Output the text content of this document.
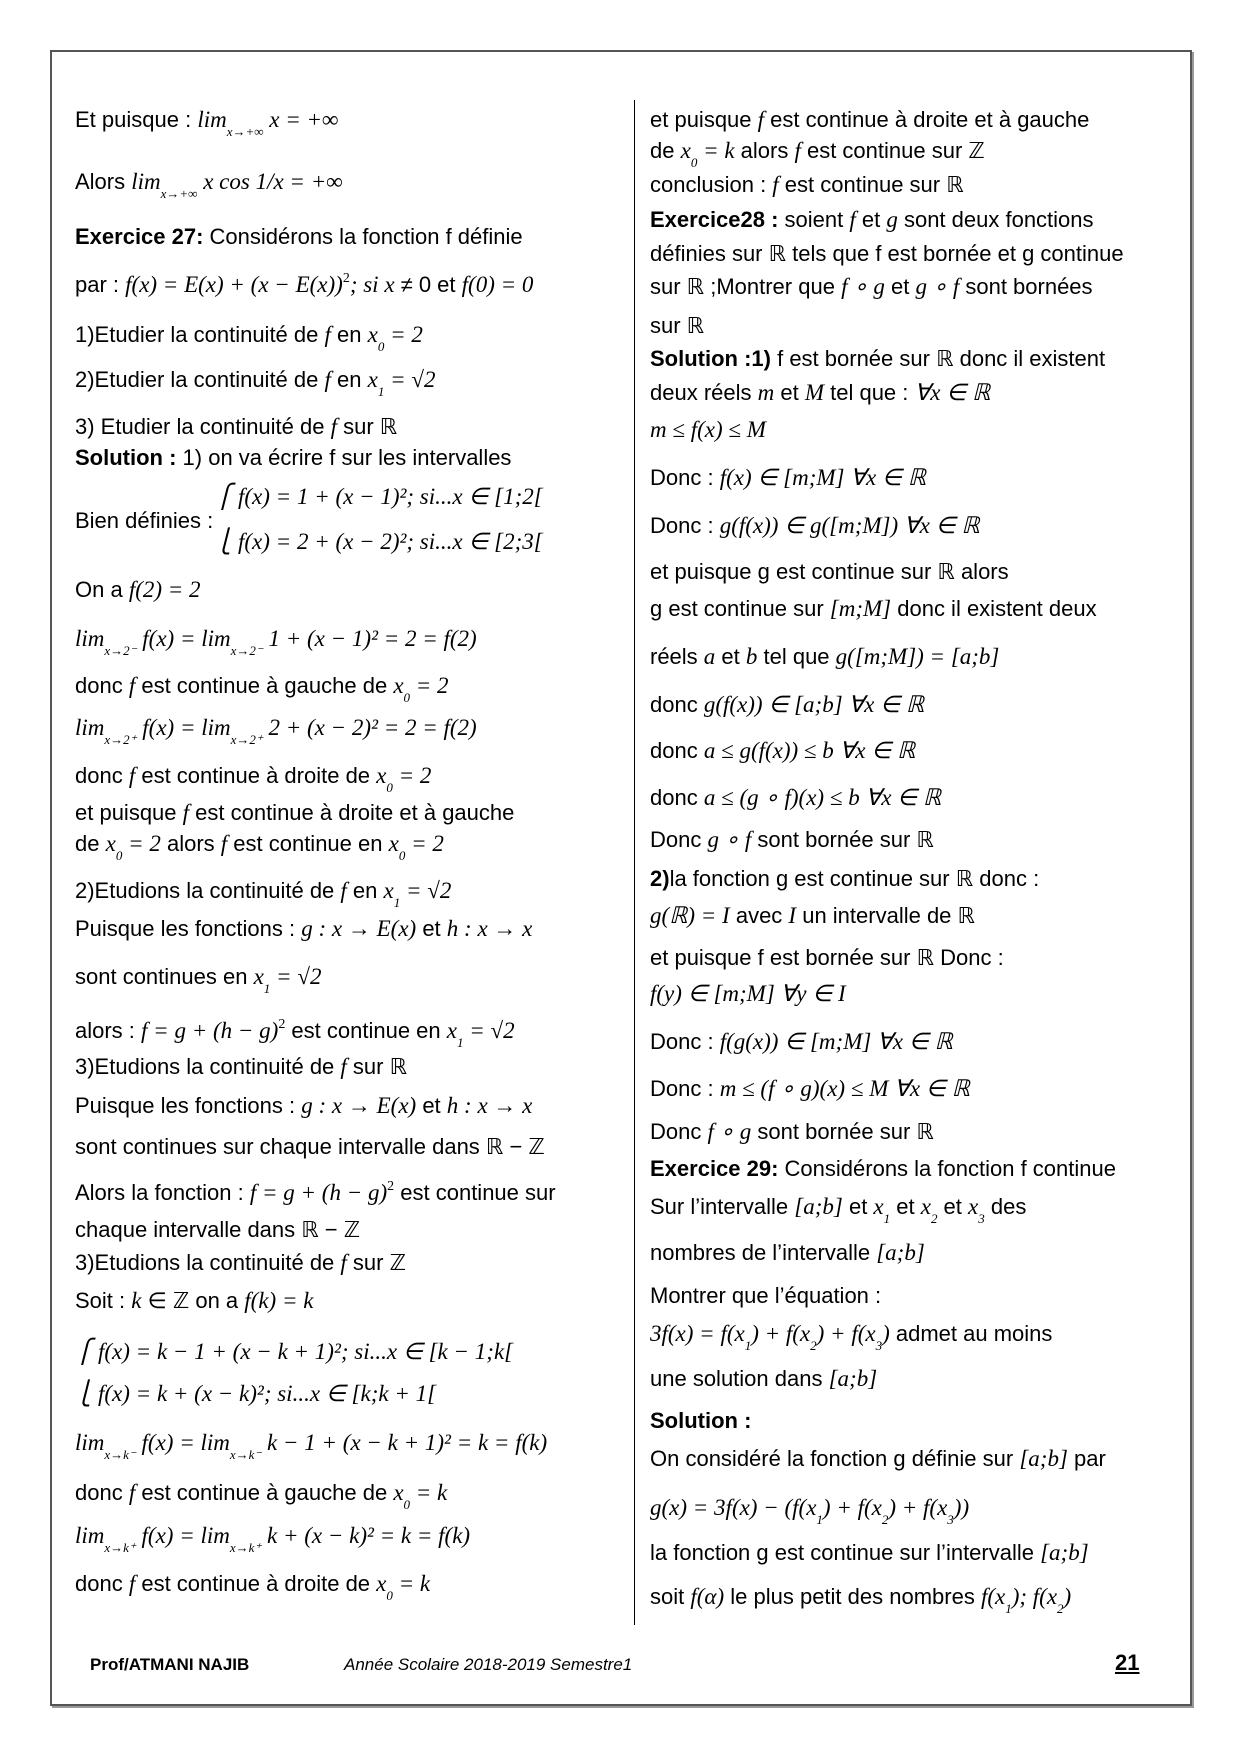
Et puisque : $\lim_{x\to+\infty} x$ = +∞
Alors $\lim_{x\to+\infty} x$ cos 1/x = +∞
Exercice 27: Considérons la fonction f définie
par : $f(x) = E(x) + (x - E(x))^2$; si x ≠ 0 et f(0) = 0
1)Etudier la continuité de f en $x_0 = 2$
2)Etudier la continuité de f en $x_1 = √2$
3) Etudier la continuité de f sur ℝ
Solution : 1) on va écrire f sur les intervalles
⎧ f(x) = 1 + (x − 1)²; si...x ∈ [1;2[
Bien définies :
⎩ f(x) = 2 + (x − 2)²; si...x ∈ [2;3[
On a f(2) = 2
$\lim_{x\to 2^-} f(x) = \lim_{x\to 2^-} 1 + (x - 1)^2 = 2 = f(2)$
donc f est continue à gauche de $x_0 = 2$
$\lim_{x\to 2^+} f(x) = \lim_{x\to 2^+} 2 + (x - 2)^2 = 2 = f(2)$
donc f est continue à droite de $x_0 = 2$
et puisque f est continue à droite et à gauche
de $x_0 = 2$ alors f est continue en $x_0 = 2$
2)Etudions la continuité de f en $x_1 = √2$
Puisque les fonctions : g : x → E(x) et h : x → x
sont continues en $x_1 = √2$
alors : $f = g + (h - g)^2$ est continue en $x_1 = √2$
3)Etudions la continuité de f sur ℝ
Puisque les fonctions : g : x → E(x) et h : x → x
sont continues sur chaque intervalle dans ℝ − ℤ
Alors la fonction : $f = g + (h - g)^2$ est continue sur
chaque intervalle dans ℝ − ℤ
3)Etudions la continuité de f sur ℤ
Soit : k ∈ ℤ on a f(k) = k
⎧ f(x) = k − 1 + (x − k + 1)²; si...x ∈ [k − 1;k[
⎩ f(x) = k + (x − k)²; si...x ∈ [k;k + 1[
$\lim_{x\to k^-} f(x) = \lim_{x\to k^-} k - 1 + (x - k + 1)^2 = k = f(k)$
donc f est continue à gauche de $x_0 = k$
$\lim_{x\to k^+} f(x) = \lim_{x\to k^+} k + (x - k)^2 = k = f(k)$
donc f est continue à droite de $x_0 = k$
et puisque f est continue à droite et à gauche
de $x_0 = k$ alors f est continue sur ℤ
conclusion : f est continue sur ℝ
Exercice28 : soient f et g sont deux fonctions
définies sur ℝ tels que f est bornée et g continue
sur ℝ ;Montrer que f ∘ g et g ∘ f sont bornées
sur ℝ
Solution :1) f est bornée sur ℝ donc il existent
deux réels m et M tel que : ∀x ∈ ℝ
m ≤ f(x) ≤ M
Donc : f(x) ∈ [m;M] ∀x ∈ ℝ
Donc : g(f(x)) ∈ g([m;M]) ∀x ∈ ℝ
et puisque g est continue sur ℝ alors
g est continue sur [m;M] donc il existent deux
réels a et b tel que g([m;M]) = [a;b]
donc g(f(x)) ∈ [a;b] ∀x ∈ ℝ
donc a ≤ g(f(x)) ≤ b ∀x ∈ ℝ
donc a ≤ (g ∘ f)(x) ≤ b ∀x ∈ ℝ
Donc g ∘ f sont bornée sur ℝ
2)la fonction g est continue sur ℝ donc :
g(ℝ) = I avec I un intervalle de ℝ
et puisque f est bornée sur ℝ Donc :
f(y) ∈ [m;M] ∀y ∈ I
Donc : f(g(x)) ∈ [m;M] ∀x ∈ ℝ
Donc : m ≤ (f ∘ g)(x) ≤ M ∀x ∈ ℝ
Donc f ∘ g sont bornée sur ℝ
Exercice 29: Considérons la fonction f continue
Sur l’intervalle [a;b] et $x_1$ et $x_2$ et $x_3$ des
nombres de l’intervalle [a;b]
Montrer que l’équation :
$3f(x) = f(x_1) + f(x_2) + f(x_3)$ admet au moins
une solution dans [a;b]
Solution :
On considéré la fonction g définie sur [a;b] par
$g(x) = 3f(x) - (f(x_1) + f(x_2) + f(x_3))$
la fonction g est continue sur l’intervalle [a;b]
soit f(α) le plus petit des nombres $f(x_1)$; $f(x_2)$
Prof/ATMANI NAJIB	Année Scolaire 2018-2019 Semestre1	21
